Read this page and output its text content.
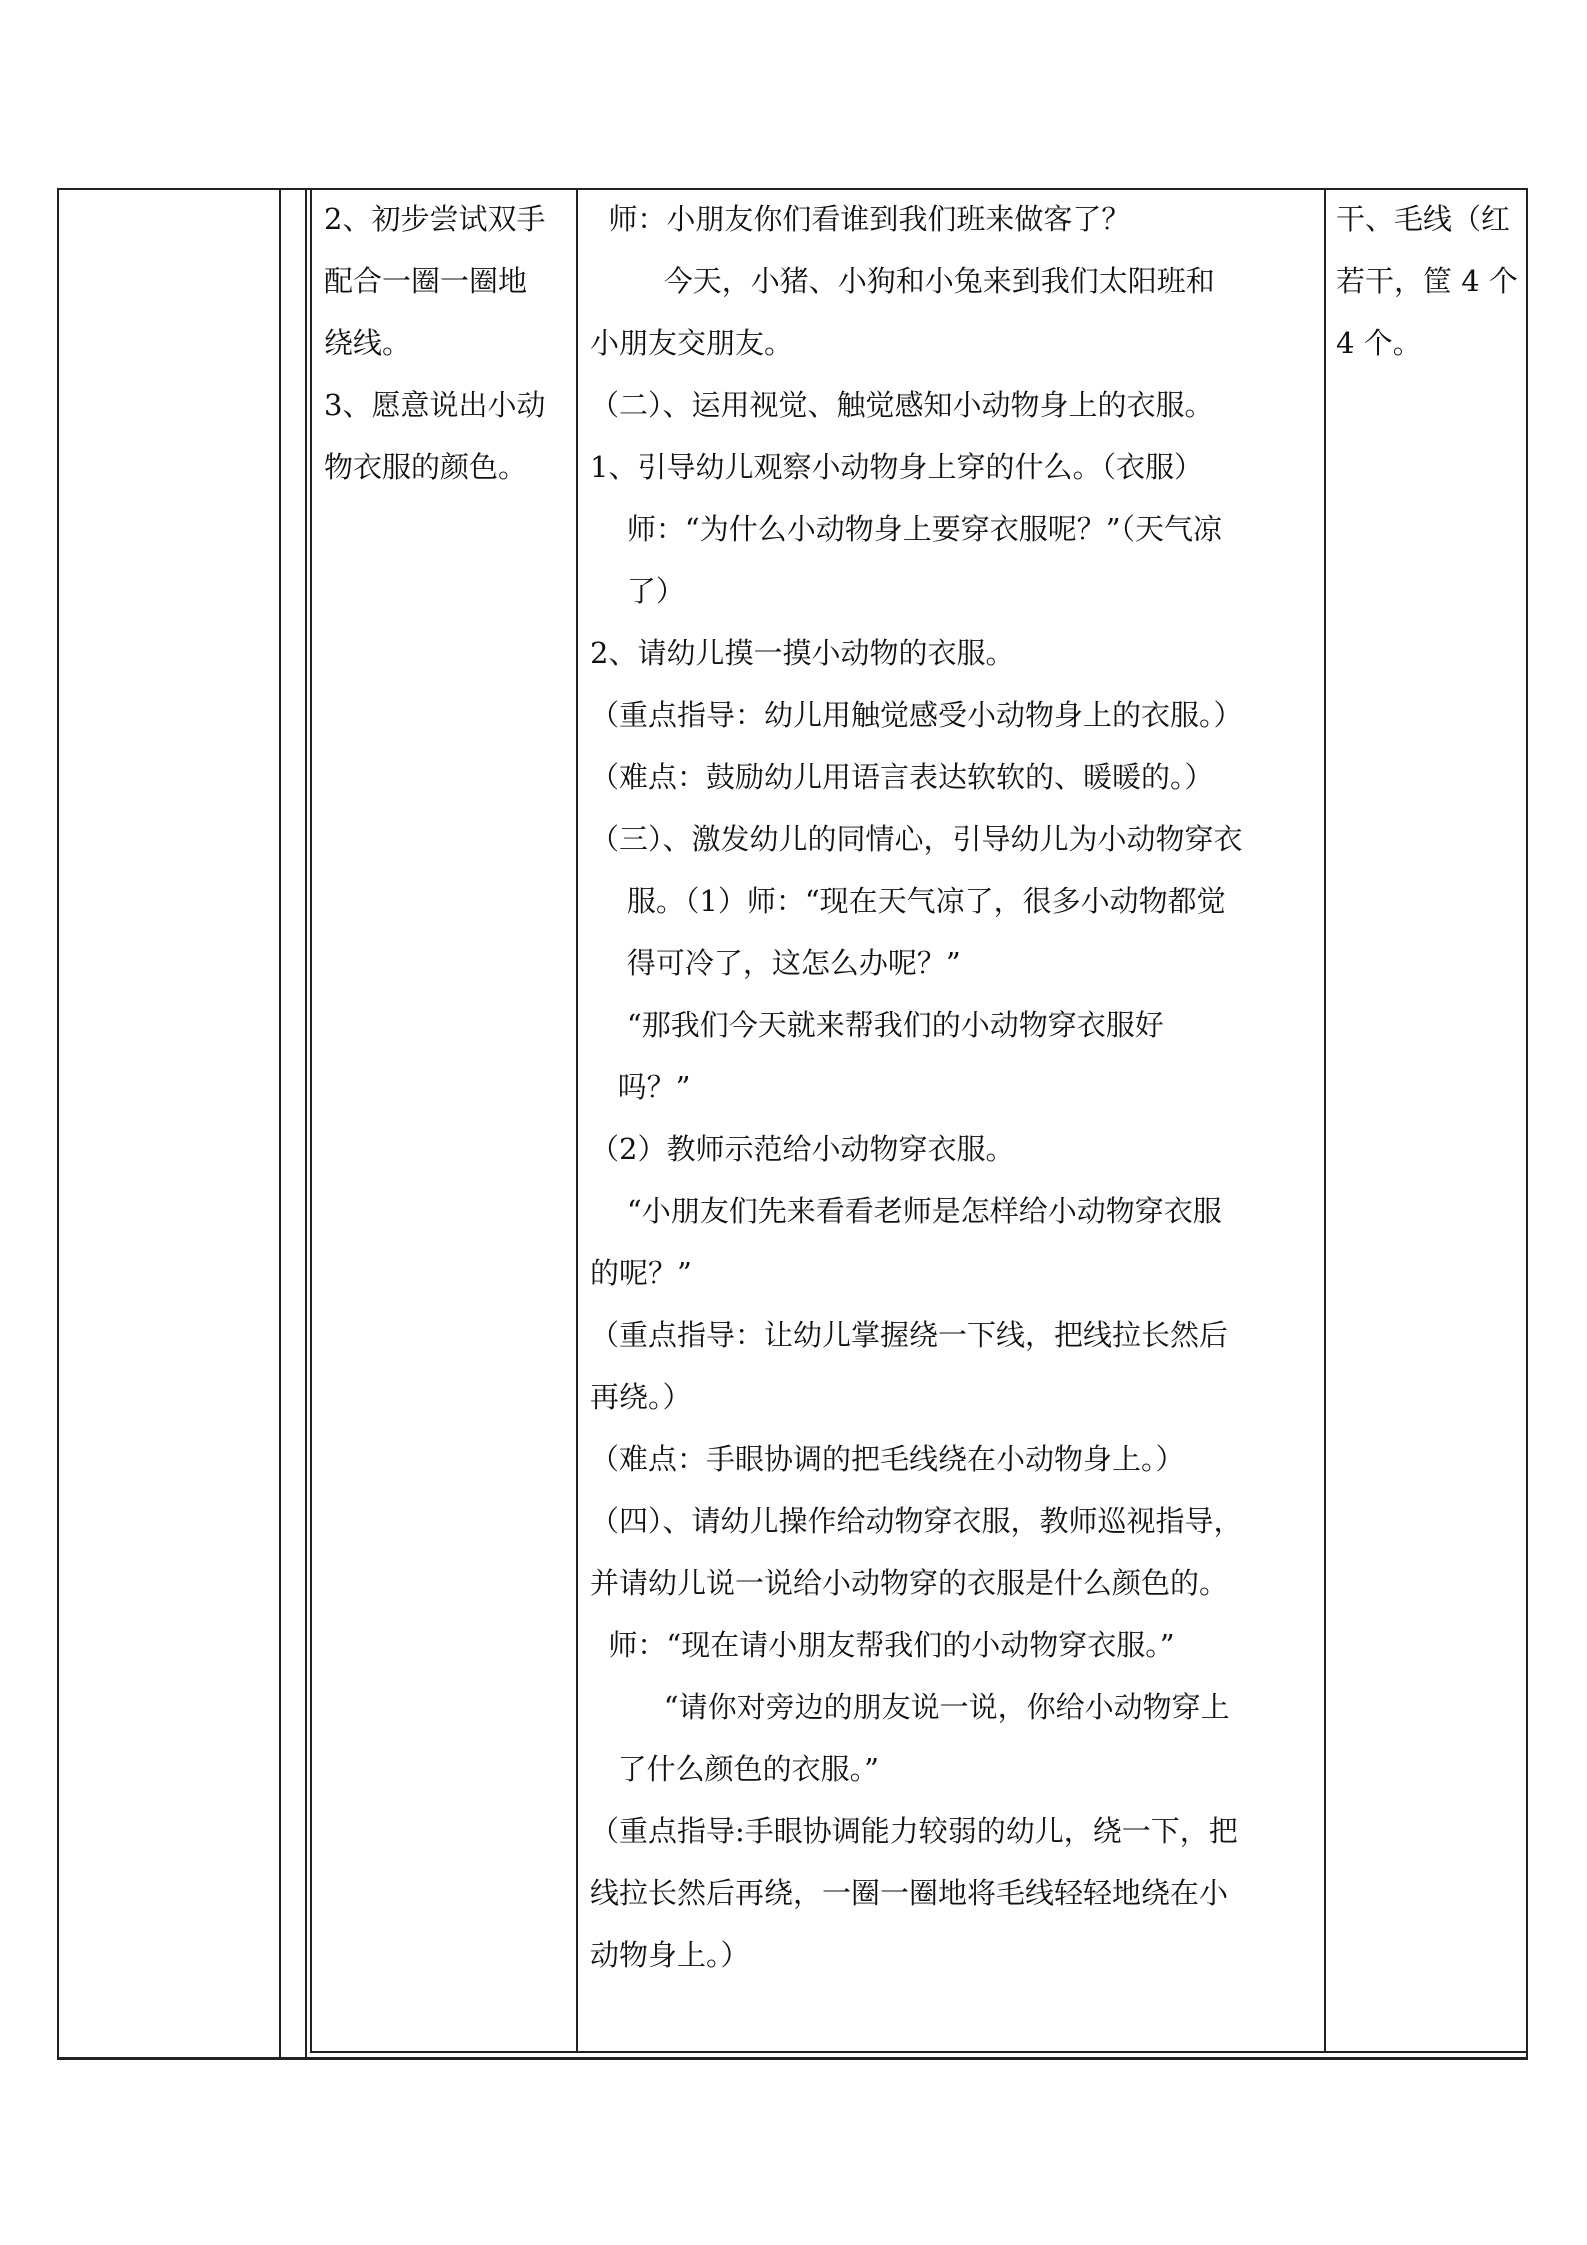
2、初步尝试双手

配合一圈一圈地

绕线。

3、愿意说出小动

物衣服的颜色。

师：小朋友你们看谁到我们班来做客了？

今天，小猪、小狗和小兔来到我们太阳班和

小朋友交朋友。

（二）、运用视觉、触觉感知小动物身上的衣服。

1、引导幼儿观察小动物身上穿的什么。（衣服）

师：“为什么小动物身上要穿衣服呢？”（天气凉

了）

2、请幼儿摸一摸小动物的衣服。

（重点指导：幼儿用触觉感受小动物身上的衣服。）

（难点：鼓励幼儿用语言表达软软的、暖暖的。）

（三）、激发幼儿的同情心，引导幼儿为小动物穿衣

服。（1）师：“现在天气凉了，很多小动物都觉

得可冷了，这怎么办呢？”

“那我们今天就来帮我们的小动物穿衣服好

吗？”

（2）教师示范给小动物穿衣服。

“小朋友们先来看看老师是怎样给小动物穿衣服

的呢？”

（重点指导：让幼儿掌握绕一下线，把线拉长然后

再绕。）

（难点：手眼协调的把毛线绕在小动物身上。）

（四）、请幼儿操作给动物穿衣服，教师巡视指导，

并请幼儿说一说给小动物穿的衣服是什么颜色的。

师：“现在请小朋友帮我们的小动物穿衣服。”

“请你对旁边的朋友说一说，你给小动物穿上

了什么颜色的衣服。”

（重点指导:手眼协调能力较弱的幼儿，绕一下，把

线拉长然后再绕，一圈一圈地将毛线轻轻地绕在小

动物身上。）

干、毛线（红

若干，筐 4 个

4 个。
